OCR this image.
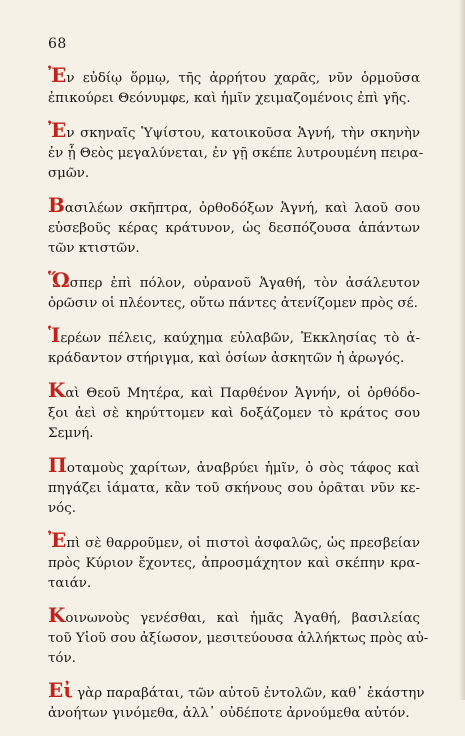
68
Ἐν εὐδίῳ ὅρμῳ, τῆς ἀρρήτου χαρᾶς, νῦν ὁρμοῦσα
ἐπικούρει Θεόνυμφε, καὶ ἡμῖν χειμαζομένοις ἐπὶ γῆς.
Ἐν σκηναῖς Ὑψίστου, κατοικοῦσα Ἁγνή, τὴν σκηνὴν
ἐν ᾗ Θεὸς μεγαλύνεται, ἐν γῇ σκέπε λυτρουμένη πειρα-
σμῶν.
Βασιλέων σκῆπτρα, ὀρθοδόξων Ἁγνή, καὶ λαοῦ σου
εὐσεβοῦς κέρας κράτυνον, ὡς δεσπόζουσα ἁπάντων
τῶν κτιστῶν.
Ὥσπερ ἐπὶ πόλον, οὐρανοῦ Ἀγαθή, τὸν ἀσάλευτον
ὁρῶσιν οἱ πλέοντες, οὕτω πάντες ἀτενίζομεν πρὸς σέ.
Ἱερέων πέλεις, καύχημα εὐλαβῶν, Ἐκκλησίας τὸ ἀ-
κράδαντον στήριγμα, καὶ ὁσίων ἀσκητῶν ἡ ἀρωγός.
Καὶ Θεοῦ Μητέρα, καὶ Παρθένον Ἁγνήν, οἱ ὀρθόδο-
ξοι ἀεὶ σὲ κηρύττομεν καὶ δοξάζομεν τὸ κράτος σου
Σεμνή.
Ποταμοὺς χαρίτων, ἀναβρύει ἡμῖν, ὁ σὸς τάφος καὶ
πηγάζει ἰάματα, κἂν τοῦ σκήνους σου ὁρᾶται νῦν κε-
νός.
Ἐπὶ σὲ θαρροῦμεν, οἱ πιστοὶ ἀσφαλῶς, ὡς πρεσβείαν
πρὸς Κύριον ἔχοντες, ἀπροσμάχητον καὶ σκέπην κρα-
ταιάν.
Κοινωνοὺς γενέσθαι, καὶ ἡμᾶς Ἀγαθή, βασιλείας
τοῦ Υἱοῦ σου ἀξίωσον, μεσιτεύουσα ἀλλήκτως πρὸς αὐ-
τόν.
Εἰ γὰρ παραβάται, τῶν αὐτοῦ ἐντολῶν, καθ᾽ ἑκάστην
ἀνοήτων γινόμεθα, ἀλλ᾽ οὐδέποτε ἀρνούμεθα αὐτόν.
